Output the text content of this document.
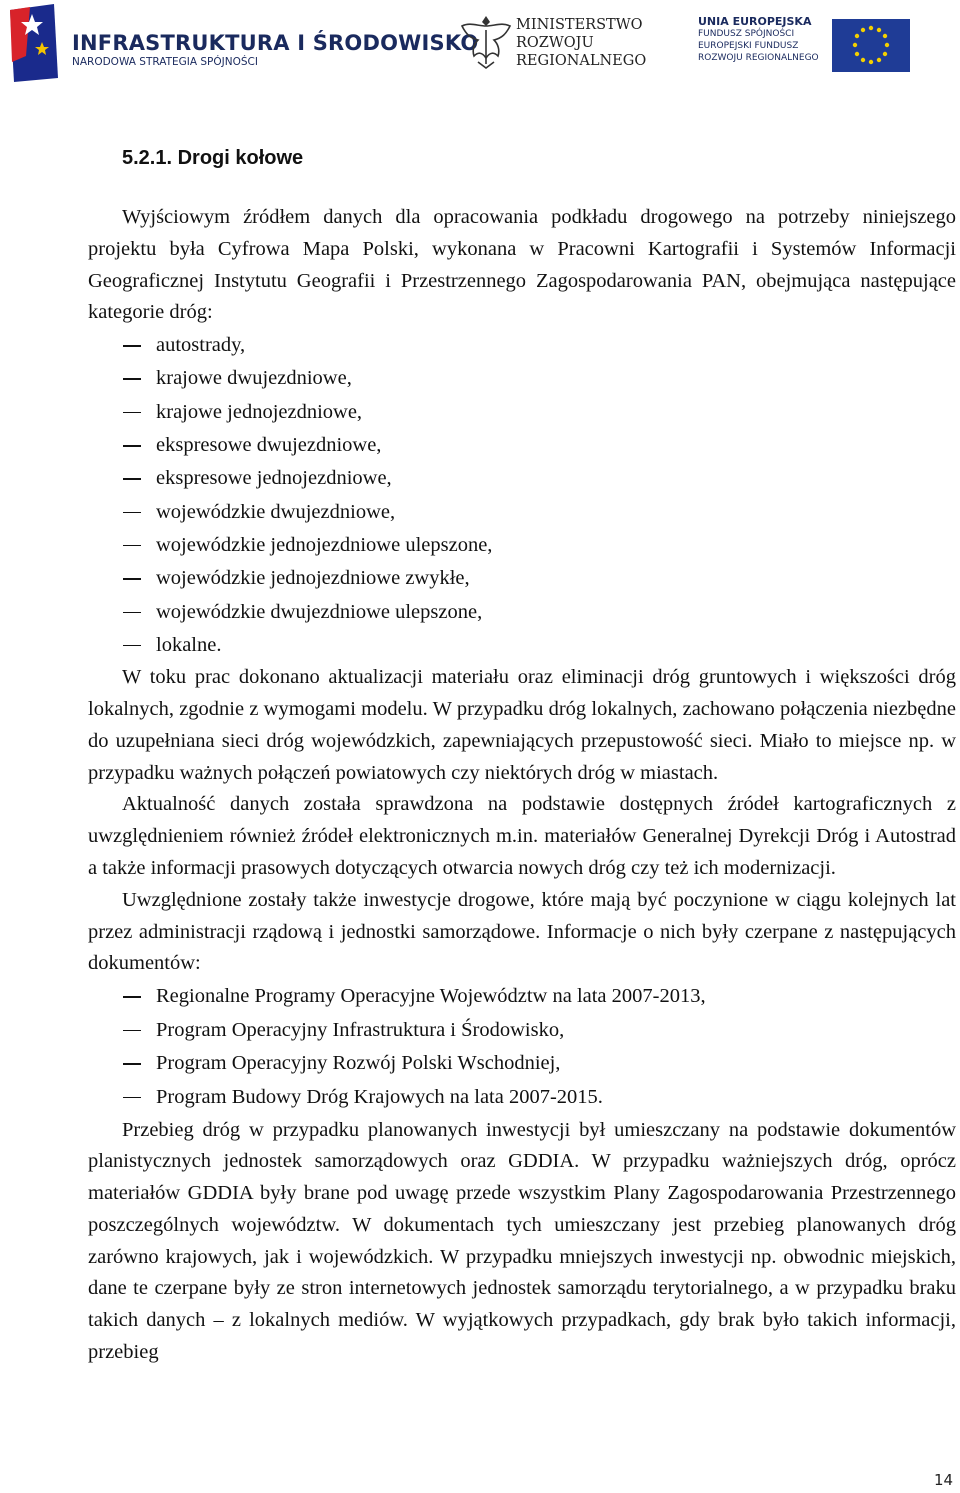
INFRASTRUKTURA I ŚRODOWISKO
NARODOWA STRATEGIA SPÓJNOŚCI
MINISTERSTWO
ROZWOJU
REGIONALNEGO
UNIA EUROPEJSKA
FUNDUSZ SPÓJNOŚCI
EUROPEJSKI FUNDUSZ
ROZWOJU REGIONALNEGO
5.2.1. Drogi kołowe

Wyjściowym źródłem danych dla opracowania podkładu drogowego na potrzeby niniejszego projektu była Cyfrowa Mapa Polski, wykonana w Pracowni Kartografii i Systemów Informacji Geograficznej Instytutu Geografii i Przestrzennego Zagospodarowania PAN, obejmująca następujące kategorie dróg:

autostrady,
krajowe dwujezdniowe,
krajowe jednojezdniowe,
ekspresowe dwujezdniowe,
ekspresowe jednojezdniowe,
wojewódzkie dwujezdniowe,
wojewódzkie jednojezdniowe ulepszone,
wojewódzkie jednojezdniowe zwykłe,
wojewódzkie dwujezdniowe ulepszone,
lokalne.

W toku prac dokonano aktualizacji materiału oraz eliminacji dróg gruntowych i większości dróg lokalnych, zgodnie z wymogami modelu. W przypadku dróg lokalnych, zachowano połączenia niezbędne do uzupełniana sieci dróg wojewódzkich, zapewniających przepustowość sieci. Miało to miejsce np. w przypadku ważnych połączeń powiatowych czy niektórych dróg w miastach.

Aktualność danych została sprawdzona na podstawie dostępnych źródeł kartograficznych z uwzględnieniem również źródeł elektronicznych m.in. materiałów Generalnej Dyrekcji Dróg i Autostrad a także informacji prasowych dotyczących otwarcia nowych dróg czy też ich modernizacji.

Uwzględnione zostały także inwestycje drogowe, które mają być poczynione w ciągu kolejnych lat przez administracji rządową i jednostki samorządowe. Informacje o nich były czerpane z następujących dokumentów:

Regionalne Programy Operacyjne Województw na lata 2007-2013,
Program Operacyjny Infrastruktura i Środowisko,
Program Operacyjny Rozwój Polski Wschodniej,
Program Budowy Dróg Krajowych na lata 2007-2015.

Przebieg dróg w przypadku planowanych inwestycji był umieszczany na podstawie dokumentów planistycznych jednostek samorządowych oraz GDDIA. W przypadku ważniejszych dróg, oprócz materiałów GDDIA były brane pod uwagę przede wszystkim Plany Zagospodarowania Przestrzennego poszczególnych województw. W dokumentach tych umieszczany jest przebieg planowanych dróg zarówno krajowych, jak i wojewódzkich. W przypadku mniejszych inwestycji np. obwodnic miejskich, dane te czerpane były ze stron internetowych jednostek samorządu terytorialnego, a w przypadku braku takich danych – z lokalnych mediów. W wyjątkowych przypadkach, gdy brak było takich informacji, przebieg

14
